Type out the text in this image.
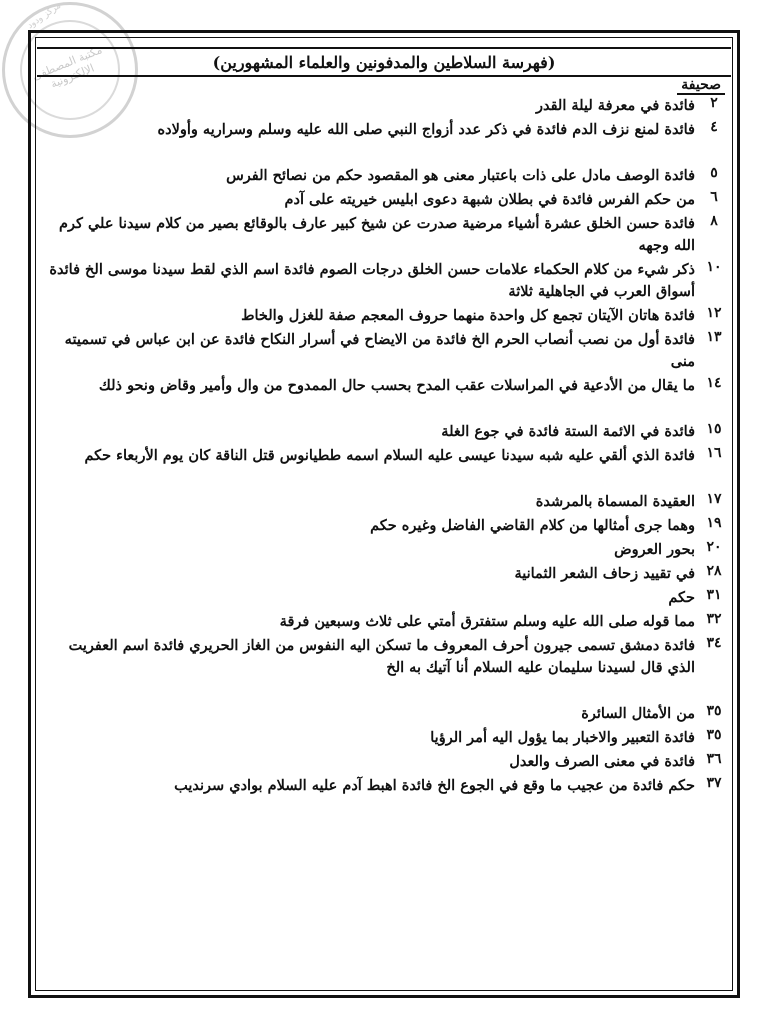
مركز ودود
مكتبة المصطفى الإلكترونية	(فهرسة السلاطين والمدفونين والعلماء المشهورين)
صحيفة
٢
فائدة في معرفة ليلة القدر
٤
فائدة لمنع نزف الدم فائدة في ذكر عدد أزواج النبي صلى الله عليه وسلم وسراريه وأولاده
٥
فائدة الوصف مادل على ذات باعتبار معنى هو المقصود حكم من نصائح الفرس
٦
من حكم الفرس فائدة في بطلان شبهة دعوى ابليس خيريته على آدم
٨
فائدة حسن الخلق عشرة أشياء مرضية صدرت عن شيخ كبير عارف بالوقائع بصير من كلام سيدنا علي كرم الله وجهه
١٠
ذكر شيء من كلام الحكماء علامات حسن الخلق درجات الصوم فائدة اسم الذي لقط سيدنا موسى الخ فائدة أسواق العرب في الجاهلية ثلاثة
١٢
فائدة هاتان الآيتان تجمع كل واحدة منهما حروف المعجم صفة للغزل والخاط
١٣
فائدة أول من نصب أنصاب الحرم الخ فائدة من الايضاح في أسرار النكاح فائدة عن ابن عباس في تسميته منى
١٤
ما يقال من الأدعية في المراسلات عقب المدح بحسب حال الممدوح من وال وأمير وقاض ونحو ذلك
١٥
فائدة في الائمة الستة فائدة في جوع الغلة
١٦
فائدة الذي ألقي عليه شبه سيدنا عيسى عليه السلام اسمه ططيانوس قتل الناقة كان يوم الأربعاء حكم
١٧
العقيدة المسماة بالمرشدة
١٩
وهما جرى أمثالها من كلام القاضي الفاضل وغيره حكم
٢٠
بحور العروض
٢٨
في تقييد زحاف الشعر الثمانية
٣١
حكم
٣٢
مما قوله صلى الله عليه وسلم ستفترق أمتي على ثلاث وسبعين فرقة
٣٤
فائدة دمشق تسمى جيرون أحرف المعروف ما تسكن اليه النفوس من الغاز الحريري فائدة اسم العفريت الذي قال لسيدنا سليمان عليه السلام أنا آتيك به الخ
٣٥
من الأمثال السائرة
٣٥
فائدة التعبير والاخبار بما يؤول اليه أمر الرؤيا
٣٦
فائدة في معنى الصرف والعدل
٣٧
حكم فائدة من عجيب ما وقع في الجوع الخ فائدة اهبط آدم عليه السلام بوادي سرنديب
